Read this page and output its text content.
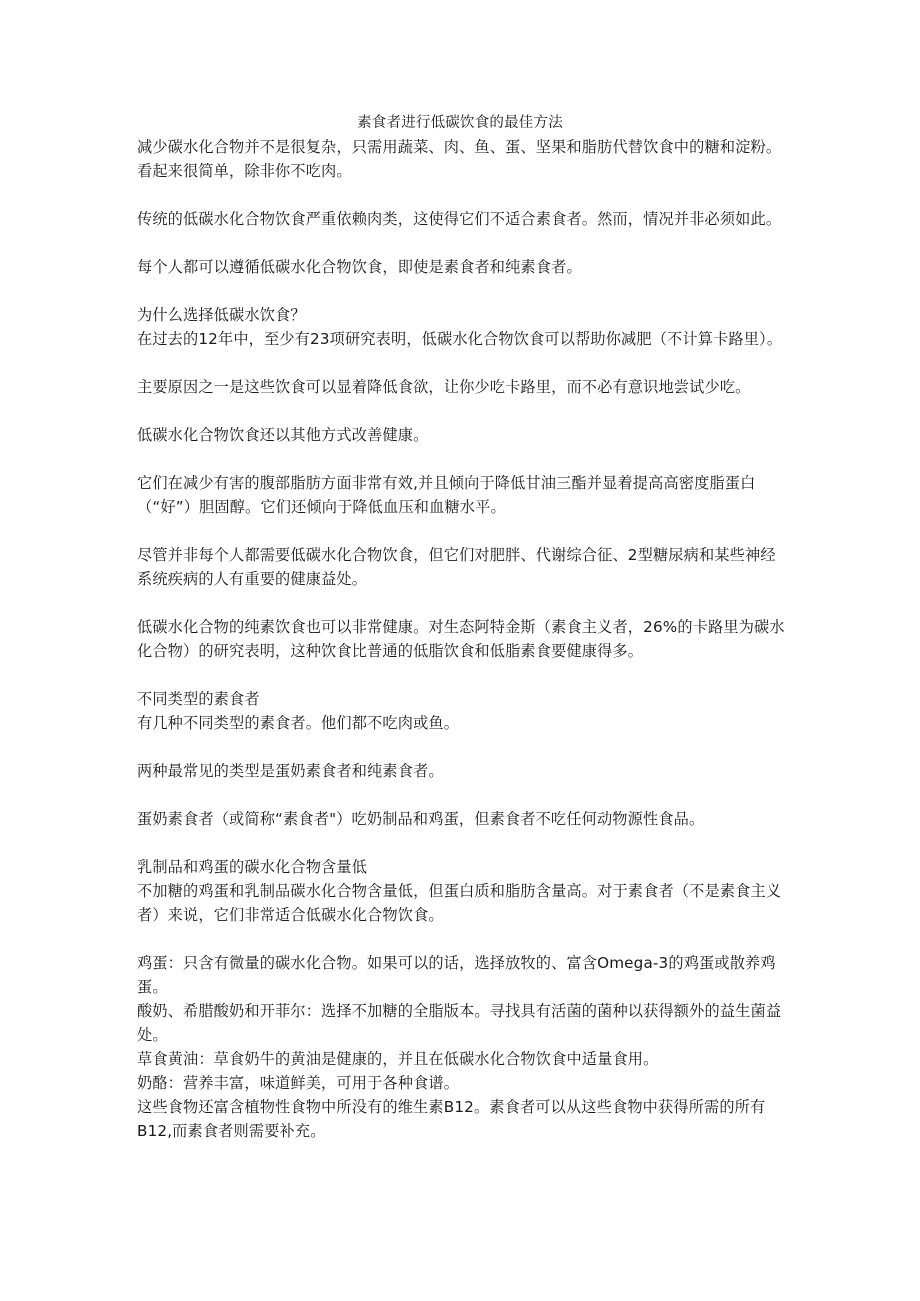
素食者进行低碳饮食的最佳方法

减少碳水化合物并不是很复杂，只需用蔬菜、肉、鱼、蛋、坚果和脂肪代替饮食中的糖和淀粉。看起来很简单，除非你不吃肉。

传统的低碳水化合物饮食严重依赖肉类，这使得它们不适合素食者。然而，情况并非必须如此。

每个人都可以遵循低碳水化合物饮食，即使是素食者和纯素食者。

为什么选择低碳水饮食？

在过去的12年中，至少有23项研究表明，低碳水化合物饮食可以帮助你减肥（不计算卡路里）。

主要原因之一是这些饮食可以显着降低食欲，让你少吃卡路里，而不必有意识地尝试少吃。

低碳水化合物饮食还以其他方式改善健康。

它们在减少有害的腹部脂肪方面非常有效,并且倾向于降低甘油三酯并显着提高高密度脂蛋白（“好”）胆固醇。它们还倾向于降低血压和血糖水平。

尽管并非每个人都需要低碳水化合物饮食，但它们对肥胖、代谢综合征、2型糖尿病和某些神经系统疾病的人有重要的健康益处。

低碳水化合物的纯素饮食也可以非常健康。对生态阿特金斯（素食主义者，26%的卡路里为碳水化合物）的研究表明，这种饮食比普通的低脂饮食和低脂素食要健康得多。

不同类型的素食者

有几种不同类型的素食者。他们都不吃肉或鱼。

两种最常见的类型是蛋奶素食者和纯素食者。

蛋奶素食者（或简称“素食者"）吃奶制品和鸡蛋，但素食者不吃任何动物源性食品。

乳制品和鸡蛋的碳水化合物含量低

不加糖的鸡蛋和乳制品碳水化合物含量低，但蛋白质和脂肪含量高。对于素食者（不是素食主义者）来说，它们非常适合低碳水化合物饮食。

鸡蛋：只含有微量的碳水化合物。如果可以的话，选择放牧的、富含Omega-3的鸡蛋或散养鸡蛋。

酸奶、希腊酸奶和开菲尔：选择不加糖的全脂版本。寻找具有活菌的菌种以获得额外的益生菌益处。

草食黄油：草食奶牛的黄油是健康的，并且在低碳水化合物饮食中适量食用。

奶酪：营养丰富，味道鲜美，可用于各种食谱。

这些食物还富含植物性食物中所没有的维生素B12。素食者可以从这些食物中获得所需的所有B12,而素食者则需要补充。
